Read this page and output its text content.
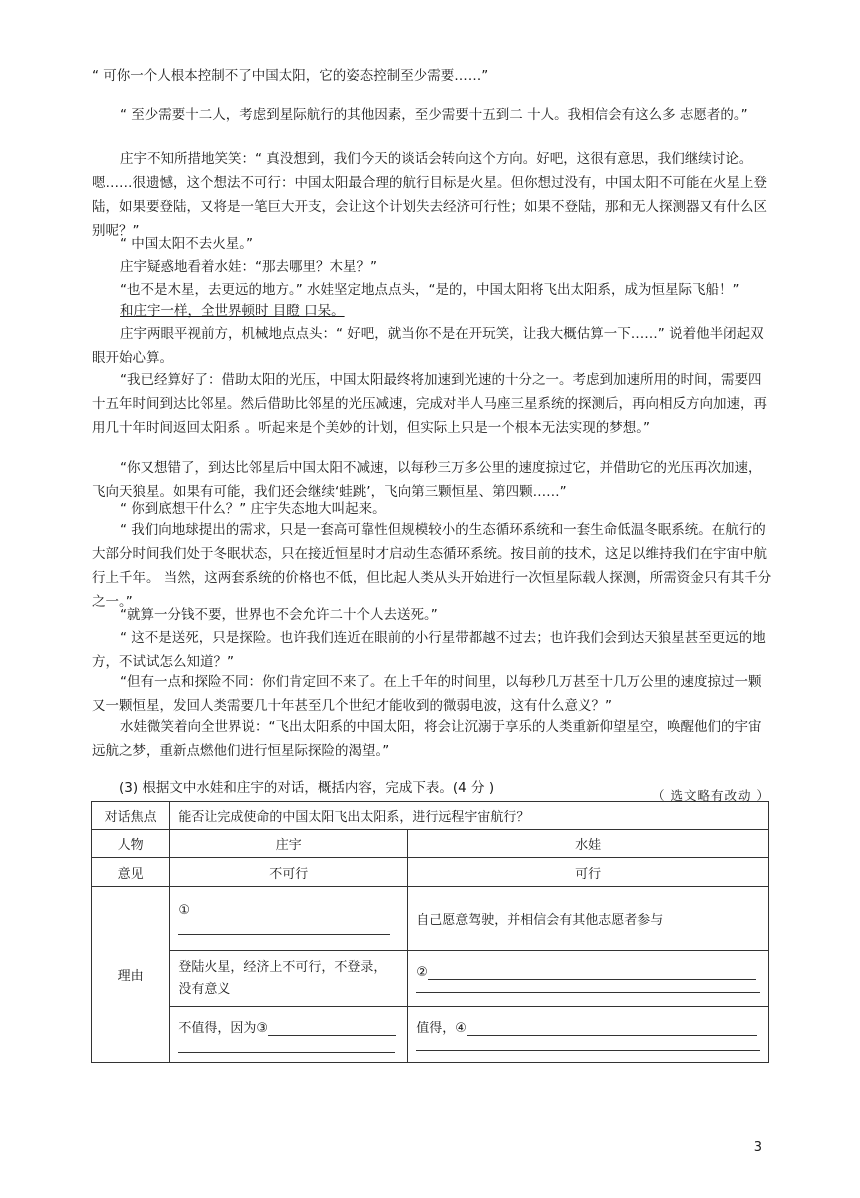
“ 可你一个人根本控制不了中国太阳，它的姿态控制至少需要……”

“ 至少需要十二人，考虑到星际航行的其他因素，至少需要十五到二 十人。我相信会有这么多 志愿者的。”

庄宇不知所措地笑笑：“ 真没想到，我们今天的谈话会转向这个方向。好吧，这很有意思，我们继续讨论。嗯……很遗憾，这个想法不可行：中国太阳最合理的航行目标是火星。但你想过没有，中国太阳不可能在火星上登陆，如果要登陆，又将是一笔巨大开支，会让这个计划失去经济可行性；如果不登陆，那和无人探测器又有什么区别呢？”

“ 中国太阳不去火星。”

庄宇疑惑地看着水娃：“那去哪里？木星？”

“也不是木星，去更远的地方。” 水娃坚定地点点头，“是的，中国太阳将飞出太阳系，成为恒星际飞船！”

和庄宇一样，全世界顿时 目瞪 口呆。

庄宇两眼平视前方，机械地点点头：“ 好吧，就当你不是在开玩笑，让我大概估算一下……” 说着他半闭起双眼开始心算。

“我已经算好了：借助太阳的光压，中国太阳最终将加速到光速的十分之一。考虑到加速所用的时间，需要四十五年时间到达比邻星。然后借助比邻星的光压减速，完成对半人马座三星系统的探测后，再向相反方向加速，再用几十年时间返回太阳系 。听起来是个美妙的计划，但实际上只是一个根本无法实现的梦想。”

“你又想错了，到达比邻星后中国太阳不减速，以每秒三万多公里的速度掠过它，并借助它的光压再次加速，飞向天狼星。如果有可能，我们还会继续‘蛙跳’，飞向第三颗恒星、第四颗……”

“ 你到底想干什么？” 庄宇失态地大叫起来。

“ 我们向地球提出的需求，只是一套高可靠性但规模较小的生态循环系统和一套生命低温冬眠系统。在航行的大部分时间我们处于冬眠状态，只在接近恒星时才启动生态循环系统。按目前的技术，这足以维持我们在宇宙中航行上千年。 当然，这两套系统的价格也不低，但比起人类从头开始进行一次恒星际载人探测，所需资金只有其千分之一。”

“就算一分钱不要，世界也不会允许二十个人去送死。”

“ 这不是送死，只是探险。也许我们连近在眼前的小行星带都越不过去；也许我们会到达天狼星甚至更远的地方，不试试怎么知道？”

“但有一点和探险不同：你们肯定回不来了。在上千年的时间里，以每秒几万甚至十几万公里的速度掠过一颗又一颗恒星，发回人类需要几十年甚至几个世纪才能收到的微弱电波，这有什么意义？”

水娃微笑着向全世界说：“飞出太阳系的中国太阳，将会让沉溺于享乐的人类重新仰望星空，唤醒他们的宇宙远航之梦，重新点燃他们进行恒星际探险的渴望。”

（ 选文略有改动 ）
(3) 根据文中水娃和庄宇的对话，概括内容，完成下表。(4 分 )
对话焦点	能否让完成使命的中国太阳飞出太阳系，进行远程宇宙航行？	
人物	庄宇	水娃
意见	不可行	可行
理由	①	自己愿意驾驶，并相信会有其他志愿者参与
	登陆火星，经济上不可行，不登录，没有意义	②

	不值得，因为③	值得，④
3
